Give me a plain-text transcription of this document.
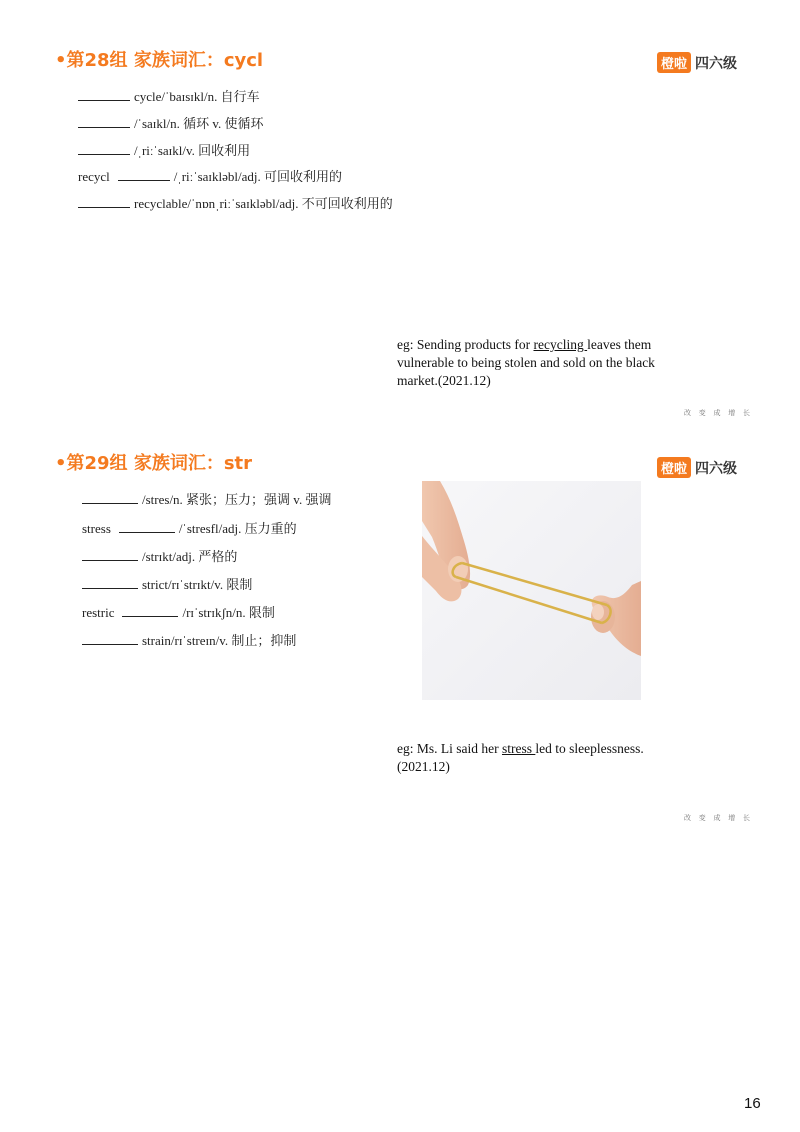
•第28组 家族词汇：cycl	橙啦 四六级
cycle/ˈbaɪsɪkl/n. 自行车
/ˈsaɪkl/n. 循环 v. 使循环
/ˌriːˈsaɪkl/v. 回收利用
recycl	/ˌriːˈsaɪkləbl/adj. 可回收利用的
recyclable/ˈnɒnˌriːˈsaɪkləbl/adj. 不可回收利用的
eg: Sending products for recycling leaves them vulnerable to being stolen and sold on the black market.(2021.12)
改 变 成 增 长
•第29组 家族词汇：str	橙啦 四六级
/stres/n. 紧张；压力；强调 v. 强调
stress	/ˈstresfl/adj. 压力重的
/strɪkt/adj. 严格的
strict/rɪˈstrɪkt/v. 限制
restric	/rɪˈstrɪkʃn/n. 限制
strain/rɪˈstreɪn/v. 制止；抑制
eg: Ms. Li said her stress led to sleeplessness. (2021.12)
改 变 成 增 长
16
